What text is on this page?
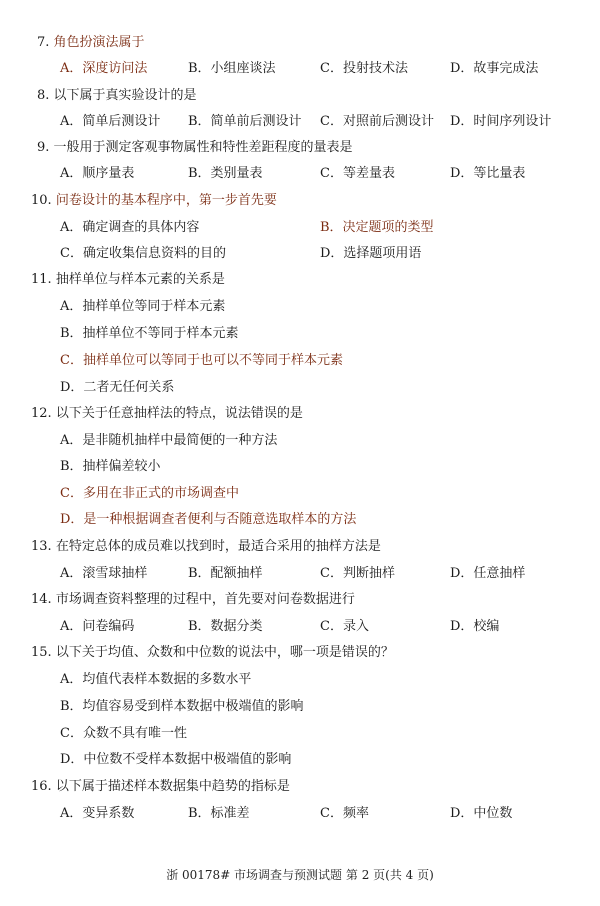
7. 角色扮演法属于
A．深度访问法	B．小组座谈法	C．投射技术法	D．故事完成法
8. 以下属于真实验设计的是
A．简单后测设计 B．简单前后测设计 C．对照前后测设计 D．时间序列设计
9. 一般用于测定客观事物属性和特性差距程度的量表是
A．顺序量表	B．类别量表	C．等差量表	D．等比量表
10. 问卷设计的基本程序中，第一步首先要
A．确定调查的具体内容	B．决定题项的类型
C．确定收集信息资料的目的	D．选择题项用语
11. 抽样单位与样本元素的关系是
A．抽样单位等同于样本元素
B．抽样单位不等同于样本元素
C．抽样单位可以等同于也可以不等同于样本元素
D．二者无任何关系
12. 以下关于任意抽样法的特点，说法错误的是
A．是非随机抽样中最简便的一种方法
B．抽样偏差较小
C．多用在非正式的市场调查中
D．是一种根据调查者便利与否随意选取样本的方法
13. 在特定总体的成员难以找到时，最适合采用的抽样方法是
A．滚雪球抽样	B．配额抽样	C．判断抽样	D．任意抽样
14. 市场调查资料整理的过程中，首先要对问卷数据进行
A．问卷编码	B．数据分类	C．录入	D．校编
15. 以下关于均值、众数和中位数的说法中，哪一项是错误的？
A．均值代表样本数据的多数水平
B．均值容易受到样本数据中极端值的影响
C．众数不具有唯一性
D．中位数不受样本数据中极端值的影响
16. 以下属于描述样本数据集中趋势的指标是
A．变异系数	B．标准差	C．频率	D．中位数
浙 00178# 市场调查与预测试题 第 2 页(共 4 页)
